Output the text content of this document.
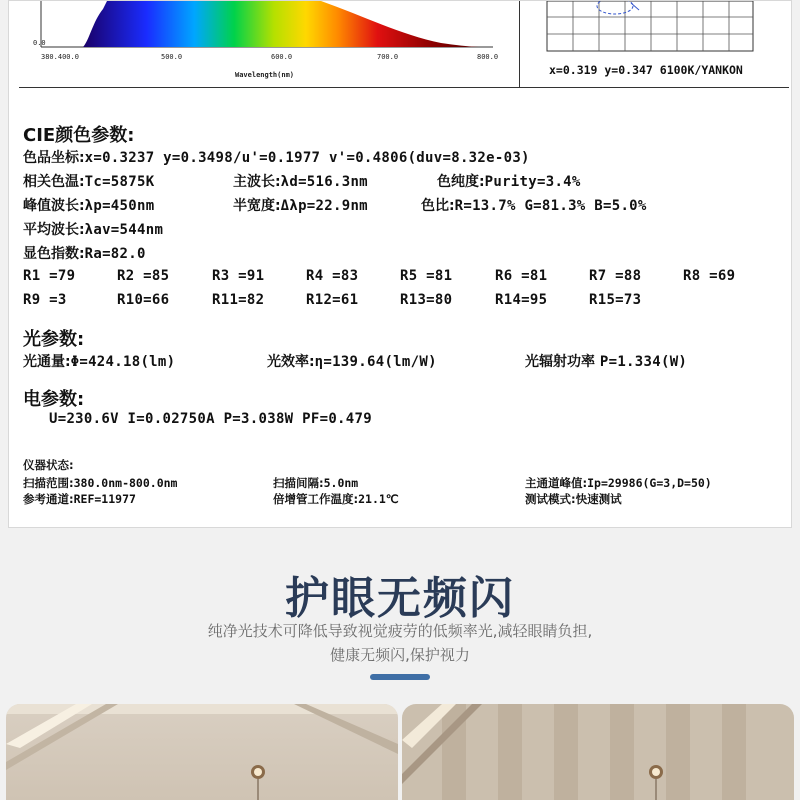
0.0
380.400.0	500.0	600.0	700.0	800.0
Wavelength(nm)	x=0.319 y=0.347 6100K/YANKON
CIE颜色参数:
色品坐标:x=0.3237 y=0.3498/u'=0.1977 v'=0.4806(duv=8.32e-03)
相关色温:Tc=5875K	主波长:λd=516.3nm	色纯度:Purity=3.4%
峰值波长:λp=450nm	半宽度:Δλp=22.9nm	色比:R=13.7% G=81.3% B=5.0%
平均波长:λav=544nm
显色指数:Ra=82.0
R1 =79	R2 =85	R3 =91	R4 =83	R5 =81	R6 =81	R7 =88	R8 =69
R9 =3	R10=66	R11=82	R12=61	R13=80	R14=95	R15=73
光参数:
光通量:Φ=424.18(lm)	光效率:η=139.64(lm/W)	光辐射功率 P=1.334(W)
电参数:
U=230.6V I=0.02750A P=3.038W PF=0.479
仪器状态:
扫描范围:380.0nm-800.0nm	扫描间隔:5.0nm	主通道峰值:Ip=29986(G=3,D=50)
参考通道:REF=11977	倍增管工作温度:21.1℃	测试模式:快速测试
护眼无频闪
纯净光技术可降低导致视觉疲劳的低频率光,减轻眼睛负担,
健康无频闪,保护视力
